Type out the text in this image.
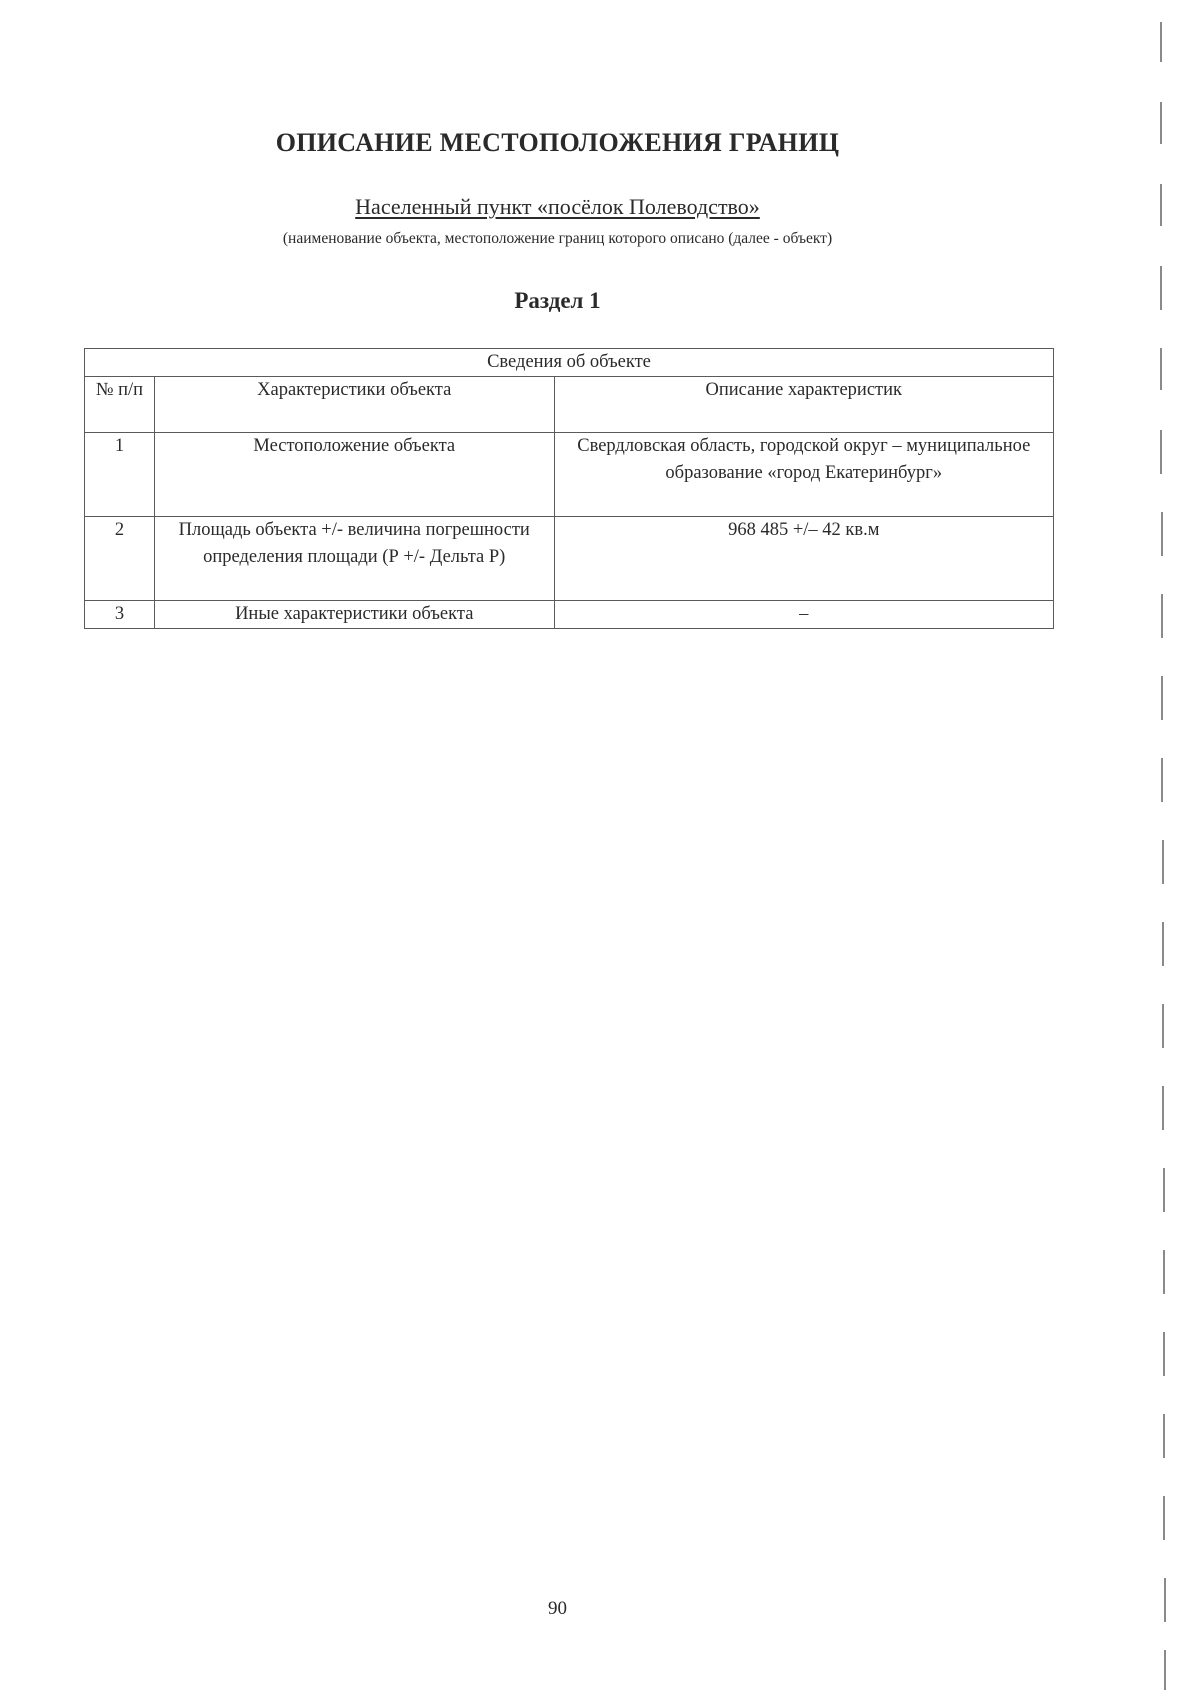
ОПИСАНИЕ МЕСТОПОЛОЖЕНИЯ ГРАНИЦ
Населенный пункт «посёлок Полеводство»
(наименование объекта, местоположение границ которого описано (далее - объект)
Раздел 1
Сведения об объекте		
№ п/п	Характеристики объекта	Описание характеристик
1	Местоположение объекта	Свердловская область, городской округ – муниципальное образование «город Екатеринбург»
2	Площадь объекта +/- величина погрешности определения площади (Р +/- Дельта Р)	968 485 +/– 42 кв.м
3	Иные характеристики объекта	–
90
